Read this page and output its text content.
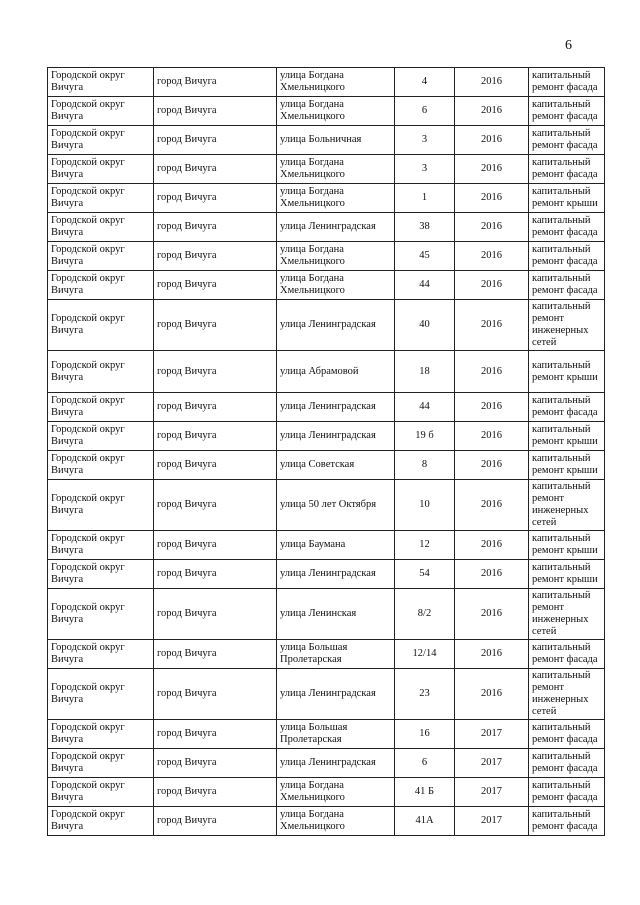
6
Городской округ Вичуга	город Вичуга	улица Богдана Хмельницкого	4	2016	капитальный ремонт фасада
Городской округ Вичуга	город Вичуга	улица Богдана Хмельницкого	6	2016	капитальный ремонт фасада
Городской округ Вичуга	город Вичуга	улица Больничная	3	2016	капитальный ремонт фасада
Городской округ Вичуга	город Вичуга	улица Богдана Хмельницкого	3	2016	капитальный ремонт фасада
Городской округ Вичуга	город Вичуга	улица Богдана Хмельницкого	1	2016	капитальный ремонт крыши
Городской округ Вичуга	город Вичуга	улица Ленинградская	38	2016	капитальный ремонт фасада
Городской округ Вичуга	город Вичуга	улица Богдана Хмельницкого	45	2016	капитальный ремонт фасада
Городской округ Вичуга	город Вичуга	улица Богдана Хмельницкого	44	2016	капитальный ремонт фасада
Городской округ Вичуга	город Вичуга	улица Ленинградская	40	2016	капитальный ремонт инженерных сетей
Городской округ Вичуга	город Вичуга	улица Абрамовой	18	2016	капитальный ремонт крыши
Городской округ Вичуга	город Вичуга	улица Ленинградская	44	2016	капитальный ремонт фасада
Городской округ Вичуга	город Вичуга	улица Ленинградская	19 б	2016	капитальный ремонт крыши
Городской округ Вичуга	город Вичуга	улица Советская	8	2016	капитальный ремонт крыши
Городской округ Вичуга	город Вичуга	улица 50 лет Октября	10	2016	капитальный ремонт инженерных сетей
Городской округ Вичуга	город Вичуга	улица Баумана	12	2016	капитальный ремонт крыши
Городской округ Вичуга	город Вичуга	улица Ленинградская	54	2016	капитальный ремонт крыши
Городской округ Вичуга	город Вичуга	улица Ленинская	8/2	2016	капитальный ремонт инженерных сетей
Городской округ Вичуга	город Вичуга	улица Большая Пролетарская	12/14	2016	капитальный ремонт фасада
Городской округ Вичуга	город Вичуга	улица Ленинградская	23	2016	капитальный ремонт инженерных сетей
Городской округ Вичуга	город Вичуга	улица Большая Пролетарская	16	2017	капитальный ремонт фасада
Городской округ Вичуга	город Вичуга	улица Ленинградская	6	2017	капитальный ремонт фасада
Городской округ Вичуга	город Вичуга	улица Богдана Хмельницкого	41 Б	2017	капитальный ремонт фасада
Городской округ Вичуга	город Вичуга	улица Богдана Хмельницкого	41А	2017	капитальный ремонт фасада
